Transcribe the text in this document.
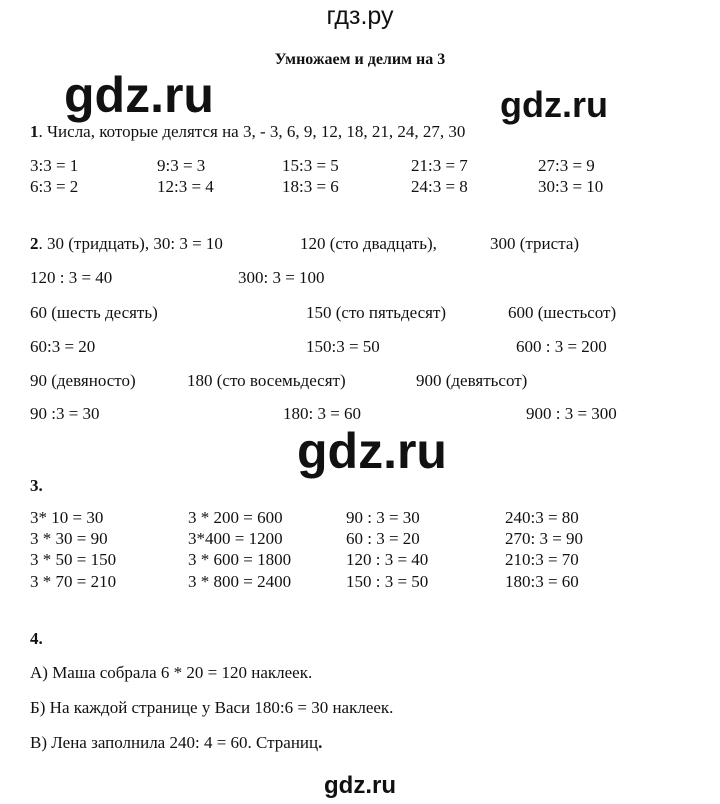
гдз.ру
gdz.ru	gdz.ru
gdz.ru
gdz.ru
Умножаем и делим на 3
1. Числа, которые делятся на 3, - 3, 6, 9, 12, 18, 21, 24, 27, 30
3:3 = 1	9:3 = 3	15:3 = 5	21:3 = 7	27:3 = 9
6:3 = 2	12:3 = 4	18:3 = 6	24:3 = 8	30:3 = 10
2. 30 (тридцать), 30: 3 = 10	120 (сто двадцать),	300 (триста)
120 : 3 = 40	300: 3 = 100
60 (шесть десять)	150 (сто пятьдесят)	600 (шестьсот)
60:3 = 20	150:3 = 50	600 : 3 = 200
90 (девяносто)	180 (сто восемьдесят)	900 (девятьсот)
90 :3 = 30	180: 3 = 60	900 : 3 = 300
3.
3* 10 = 30	3 * 200 = 600	90 : 3 = 30	240:3 = 80
3 * 30 = 90	3*400 = 1200	60 : 3 = 20	270: 3 = 90
3 * 50 = 150	3 * 600 = 1800	120 : 3 = 40	210:3 = 70
3 * 70 = 210	3 * 800 = 2400	150 : 3 = 50	180:3 = 60
4.
А) Маша собрала 6 * 20 = 120 наклеек.
Б) На каждой странице у Васи 180:6 = 30 наклеек.
В) Лена заполнила 240: 4 = 60. Страниц.
